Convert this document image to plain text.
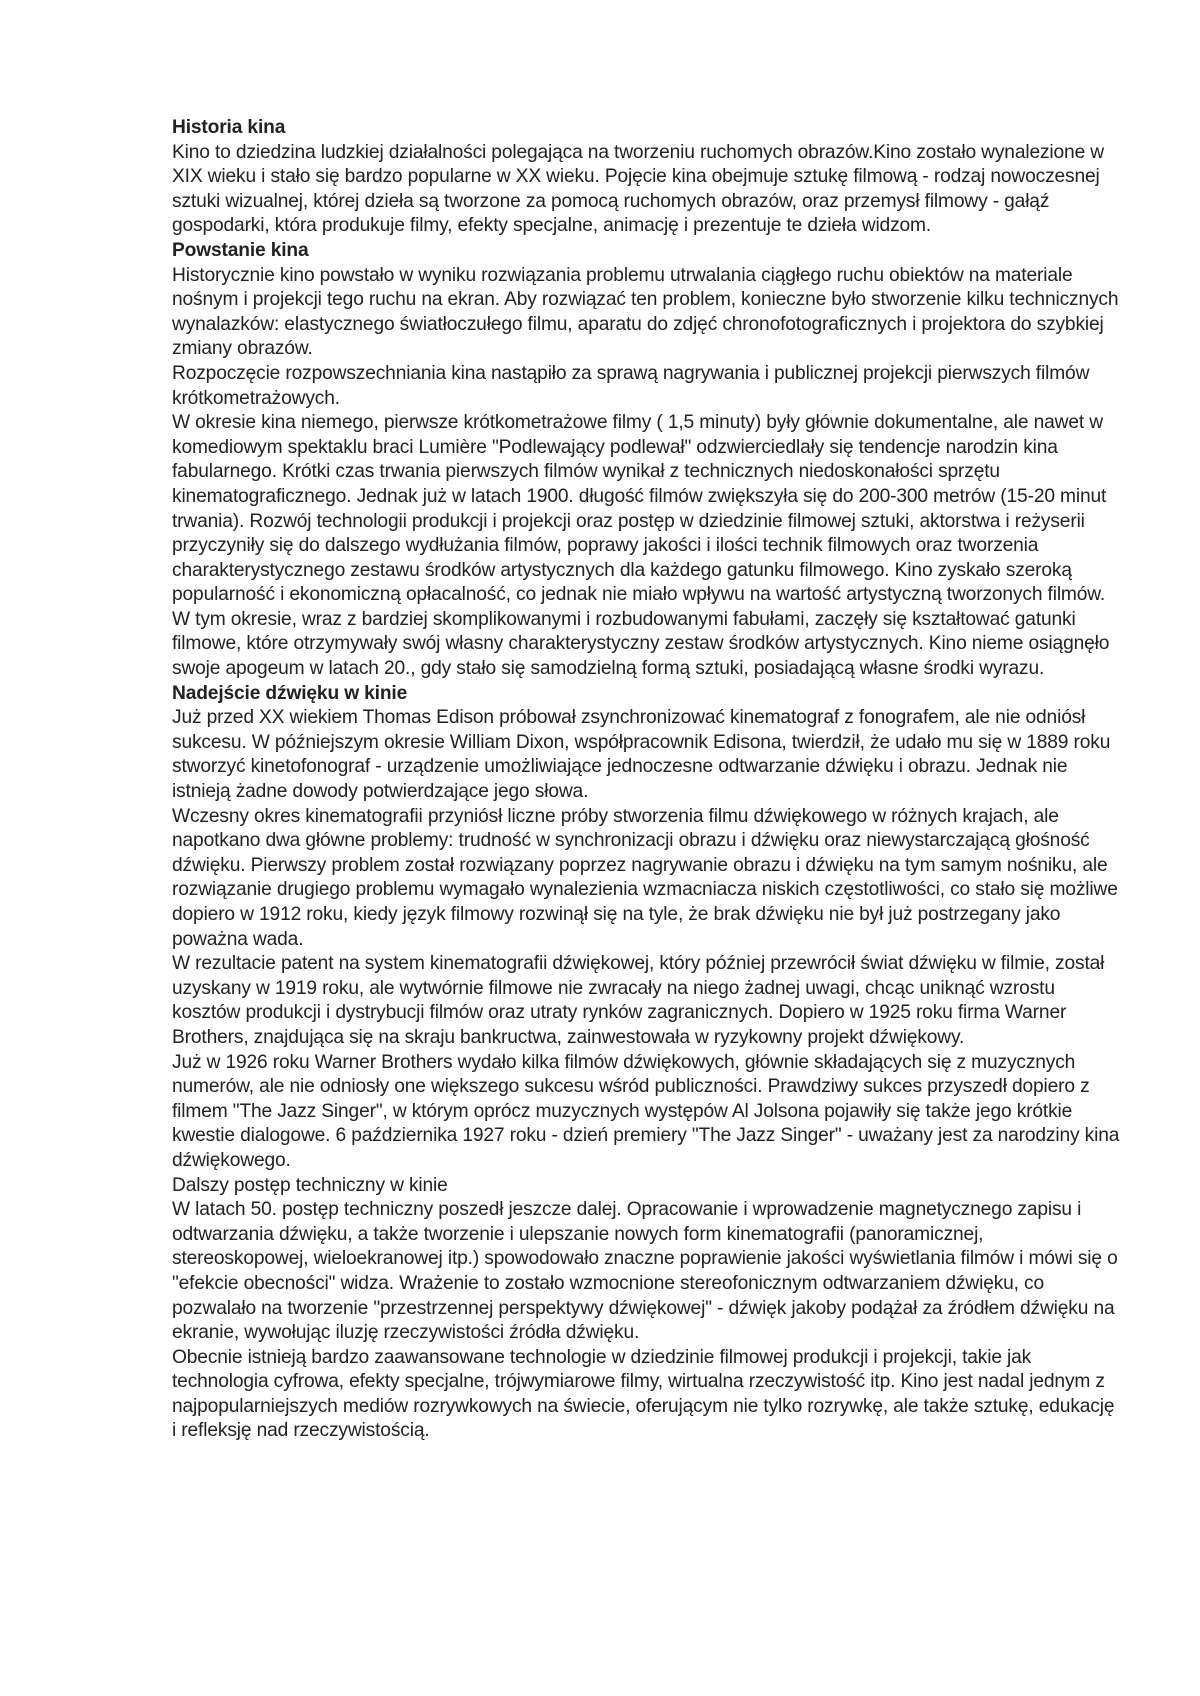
Historia kina

Kino to dziedzina ludzkiej działalności polegająca na tworzeniu ruchomych obrazów.Kino zostało wynalezione w XIX wieku i stało się bardzo popularne w XX wieku. Pojęcie kina obejmuje sztukę filmową - rodzaj nowoczesnej sztuki wizualnej, której dzieła są tworzone za pomocą ruchomych obrazów, oraz przemysł filmowy - gałąź gospodarki, która produkuje filmy, efekty specjalne, animację i prezentuje te dzieła widzom.

Powstanie kina

Historycznie kino powstało w wyniku rozwiązania problemu utrwalania ciągłego ruchu obiektów na materiale nośnym i projekcji tego ruchu na ekran. Aby rozwiązać ten problem, konieczne było stworzenie kilku technicznych wynalazków: elastycznego światłoczułego filmu, aparatu do zdjęć chronofotograficznych i projektora do szybkiej zmiany obrazów.

Rozpoczęcie rozpowszechniania kina nastąpiło za sprawą nagrywania i publicznej projekcji pierwszych filmów krótkometrażowych.

W okresie kina niemego, pierwsze krótkometrażowe filmy ( 1,5 minuty) były głównie dokumentalne, ale nawet w komediowym spektaklu braci Lumière "Podlewający podlewał" odzwierciedlały się tendencje narodzin kina fabularnego. Krótki czas trwania pierwszych filmów wynikał z technicznych niedoskonałości sprzętu kinematograficznego. Jednak już w latach 1900. długość filmów zwiększyła się do 200-300 metrów (15-20 minut trwania). Rozwój technologii produkcji i projekcji oraz postęp w dziedzinie filmowej sztuki, aktorstwa i reżyserii przyczyniły się do dalszego wydłużania filmów, poprawy jakości i ilości technik filmowych oraz tworzenia charakterystycznego zestawu środków artystycznych dla każdego gatunku filmowego. Kino zyskało szeroką popularność i ekonomiczną opłacalność, co jednak nie miało wpływu na wartość artystyczną tworzonych filmów. W tym okresie, wraz z bardziej skomplikowanymi i rozbudowanymi fabułami, zaczęły się kształtować gatunki filmowe, które otrzymywały swój własny charakterystyczny zestaw środków artystycznych. Kino nieme osiągnęło swoje apogeum w latach 20., gdy stało się samodzielną formą sztuki, posiadającą własne środki wyrazu.

Nadejście dźwięku w kinie

Już przed XX wiekiem Thomas Edison próbował zsynchronizować kinematograf z fonografem, ale nie odniósł sukcesu. W późniejszym okresie William Dixon, współpracownik Edisona, twierdził, że udało mu się w 1889 roku stworzyć kinetofonograf - urządzenie umożliwiające jednoczesne odtwarzanie dźwięku i obrazu. Jednak nie istnieją żadne dowody potwierdzające jego słowa.

Wczesny okres kinematografii przyniósł liczne próby stworzenia filmu dźwiękowego w różnych krajach, ale napotkano dwa główne problemy: trudność w synchronizacji obrazu i dźwięku oraz niewystarczającą głośność dźwięku. Pierwszy problem został rozwiązany poprzez nagrywanie obrazu i dźwięku na tym samym nośniku, ale rozwiązanie drugiego problemu wymagało wynalezienia wzmacniacza niskich częstotliwości, co stało się możliwe dopiero w 1912 roku, kiedy język filmowy rozwinął się na tyle, że brak dźwięku nie był już postrzegany jako poważna wada.

W rezultacie patent na system kinematografii dźwiękowej, który później przewrócił świat dźwięku w filmie, został uzyskany w 1919 roku, ale wytwórnie filmowe nie zwracały na niego żadnej uwagi, chcąc uniknąć wzrostu kosztów produkcji i dystrybucji filmów oraz utraty rynków zagranicznych. Dopiero w 1925 roku firma Warner Brothers, znajdująca się na skraju bankructwa, zainwestowała w ryzykowny projekt dźwiękowy.

Już w 1926 roku Warner Brothers wydało kilka filmów dźwiękowych, głównie składających się z muzycznych numerów, ale nie odniosły one większego sukcesu wśród publiczności. Prawdziwy sukces przyszedł dopiero z filmem "The Jazz Singer", w którym oprócz muzycznych występów Al Jolsona pojawiły się także jego krótkie kwestie dialogowe. 6 października 1927 roku - dzień premiery "The Jazz Singer" - uważany jest za narodziny kina dźwiękowego.

Dalszy postęp techniczny w kinie

W latach 50. postęp techniczny poszedł jeszcze dalej. Opracowanie i wprowadzenie magnetycznego zapisu i odtwarzania dźwięku, a także tworzenie i ulepszanie nowych form kinematografii (panoramicznej, stereoskopowej, wieloekranowej itp.) spowodowało znaczne poprawienie jakości wyświetlania filmów i mówi się o "efekcie obecności" widza. Wrażenie to zostało wzmocnione stereofonicznym odtwarzaniem dźwięku, co pozwalało na tworzenie "przestrzennej perspektywy dźwiękowej" - dźwięk jakoby podążał za źródłem dźwięku na ekranie, wywołując iluzję rzeczywistości źródła dźwięku.

Obecnie istnieją bardzo zaawansowane technologie w dziedzinie filmowej produkcji i projekcji, takie jak technologia cyfrowa, efekty specjalne, trójwymiarowe filmy, wirtualna rzeczywistość itp. Kino jest nadal jednym z najpopularniejszych mediów rozrywkowych na świecie, oferującym nie tylko rozrywkę, ale także sztukę, edukację i refleksję nad rzeczywistością.
